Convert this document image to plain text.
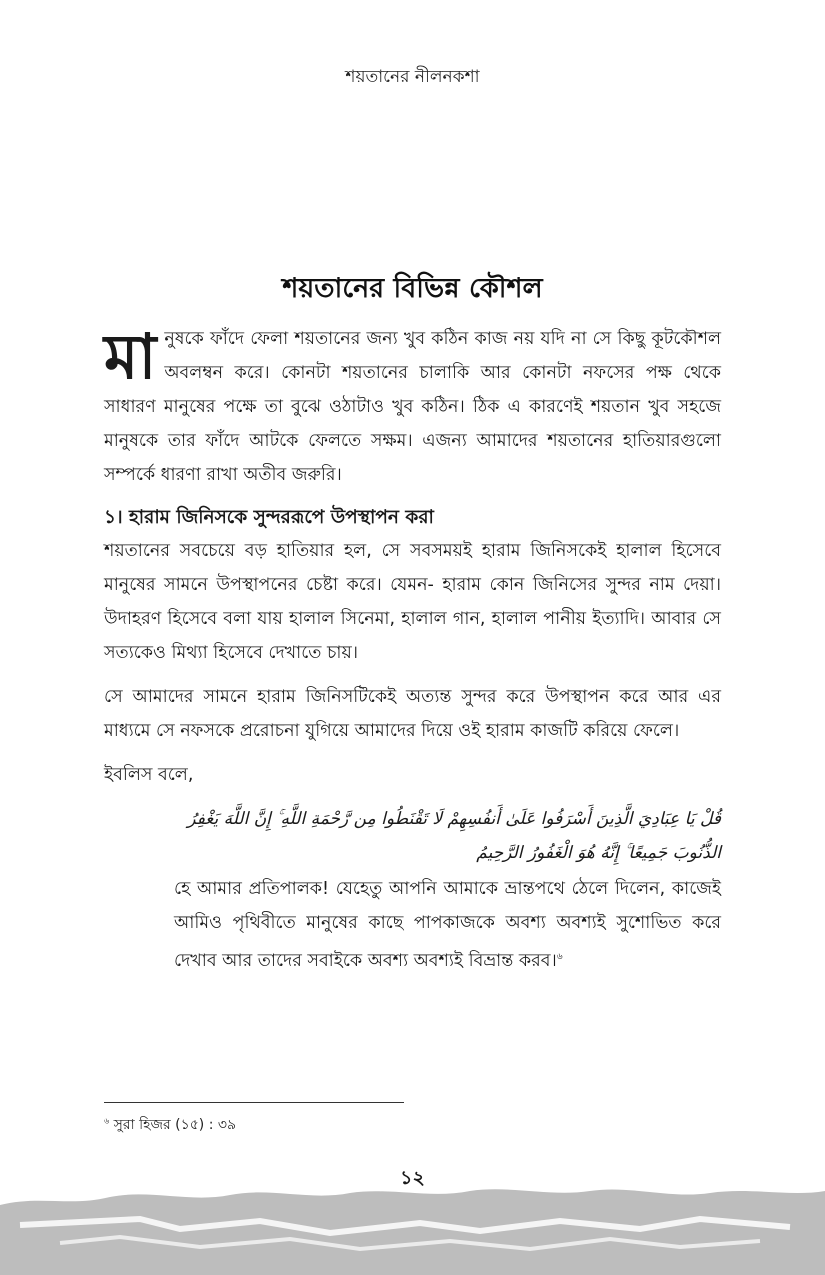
শয়তানের নীলনকশা
শয়তানের বিভিন্ন কৌশল

মানুষকে ফাঁদে ফেলা শয়তানের জন্য খুব কঠিন কাজ নয় যদি না সে কিছু কূটকৌশল অবলম্বন করে। কোনটা শয়তানের চালাকি আর কোনটা নফসের পক্ষ থেকে সাধারণ মানুষের পক্ষে তা বুঝে ওঠাটাও খুব কঠিন। ঠিক এ কারণেই শয়তান খুব সহজে মানুষকে তার ফাঁদে আটকে ফেলতে সক্ষম। এজন্য আমাদের শয়তানের হাতিয়ারগুলো সম্পর্কে ধারণা রাখা অতীব জরুরি।

১। হারাম জিনিসকে সুন্দররূপে উপস্থাপন করা

শয়তানের সবচেয়ে বড় হাতিয়ার হল, সে সবসময়ই হারাম জিনিসকেই হালাল হিসেবে মানুষের সামনে উপস্থাপনের চেষ্টা করে। যেমন- হারাম কোন জিনিসের সুন্দর নাম দেয়া। উদাহরণ হিসেবে বলা যায় হালাল সিনেমা, হালাল গান, হালাল পানীয় ইত্যাদি। আবার সে সত্যকেও মিথ্যা হিসেবে দেখাতে চায়।

সে আমাদের সামনে হারাম জিনিসটিকেই অত্যন্ত সুন্দর করে উপস্থাপন করে আর এর মাধ্যমে সে নফসকে প্ররোচনা যুগিয়ে আমাদের দিয়ে ওই হারাম কাজটি করিয়ে ফেলে।

ইবলিস বলে,

قُلْ يَا عِبَادِيَ الَّذِينَ أَسْرَفُوا عَلَىٰ أَنفُسِهِمْ لَا تَقْنَطُوا مِن رَّحْمَةِ اللَّهِ ۚ إِنَّ اللَّهَ يَغْفِرُ
الذُّنُوبَ جَمِيعًا ۚ إِنَّهُ هُوَ الْغَفُورُ الرَّحِيمُ
হে আমার প্রতিপালক! যেহেতু আপনি আমাকে ভ্রান্তপথে ঠেলে দিলেন, কাজেই আমিও পৃথিবীতে মানুষের কাছে পাপকাজকে অবশ্য অবশ্যই সুশোভিত করে দেখাব আর তাদের সবাইকে অবশ্য অবশ্যই বিভ্রান্ত করব।$^৬$
$^৬$ সুরা হিজর (১৫) : ৩৯
১২
